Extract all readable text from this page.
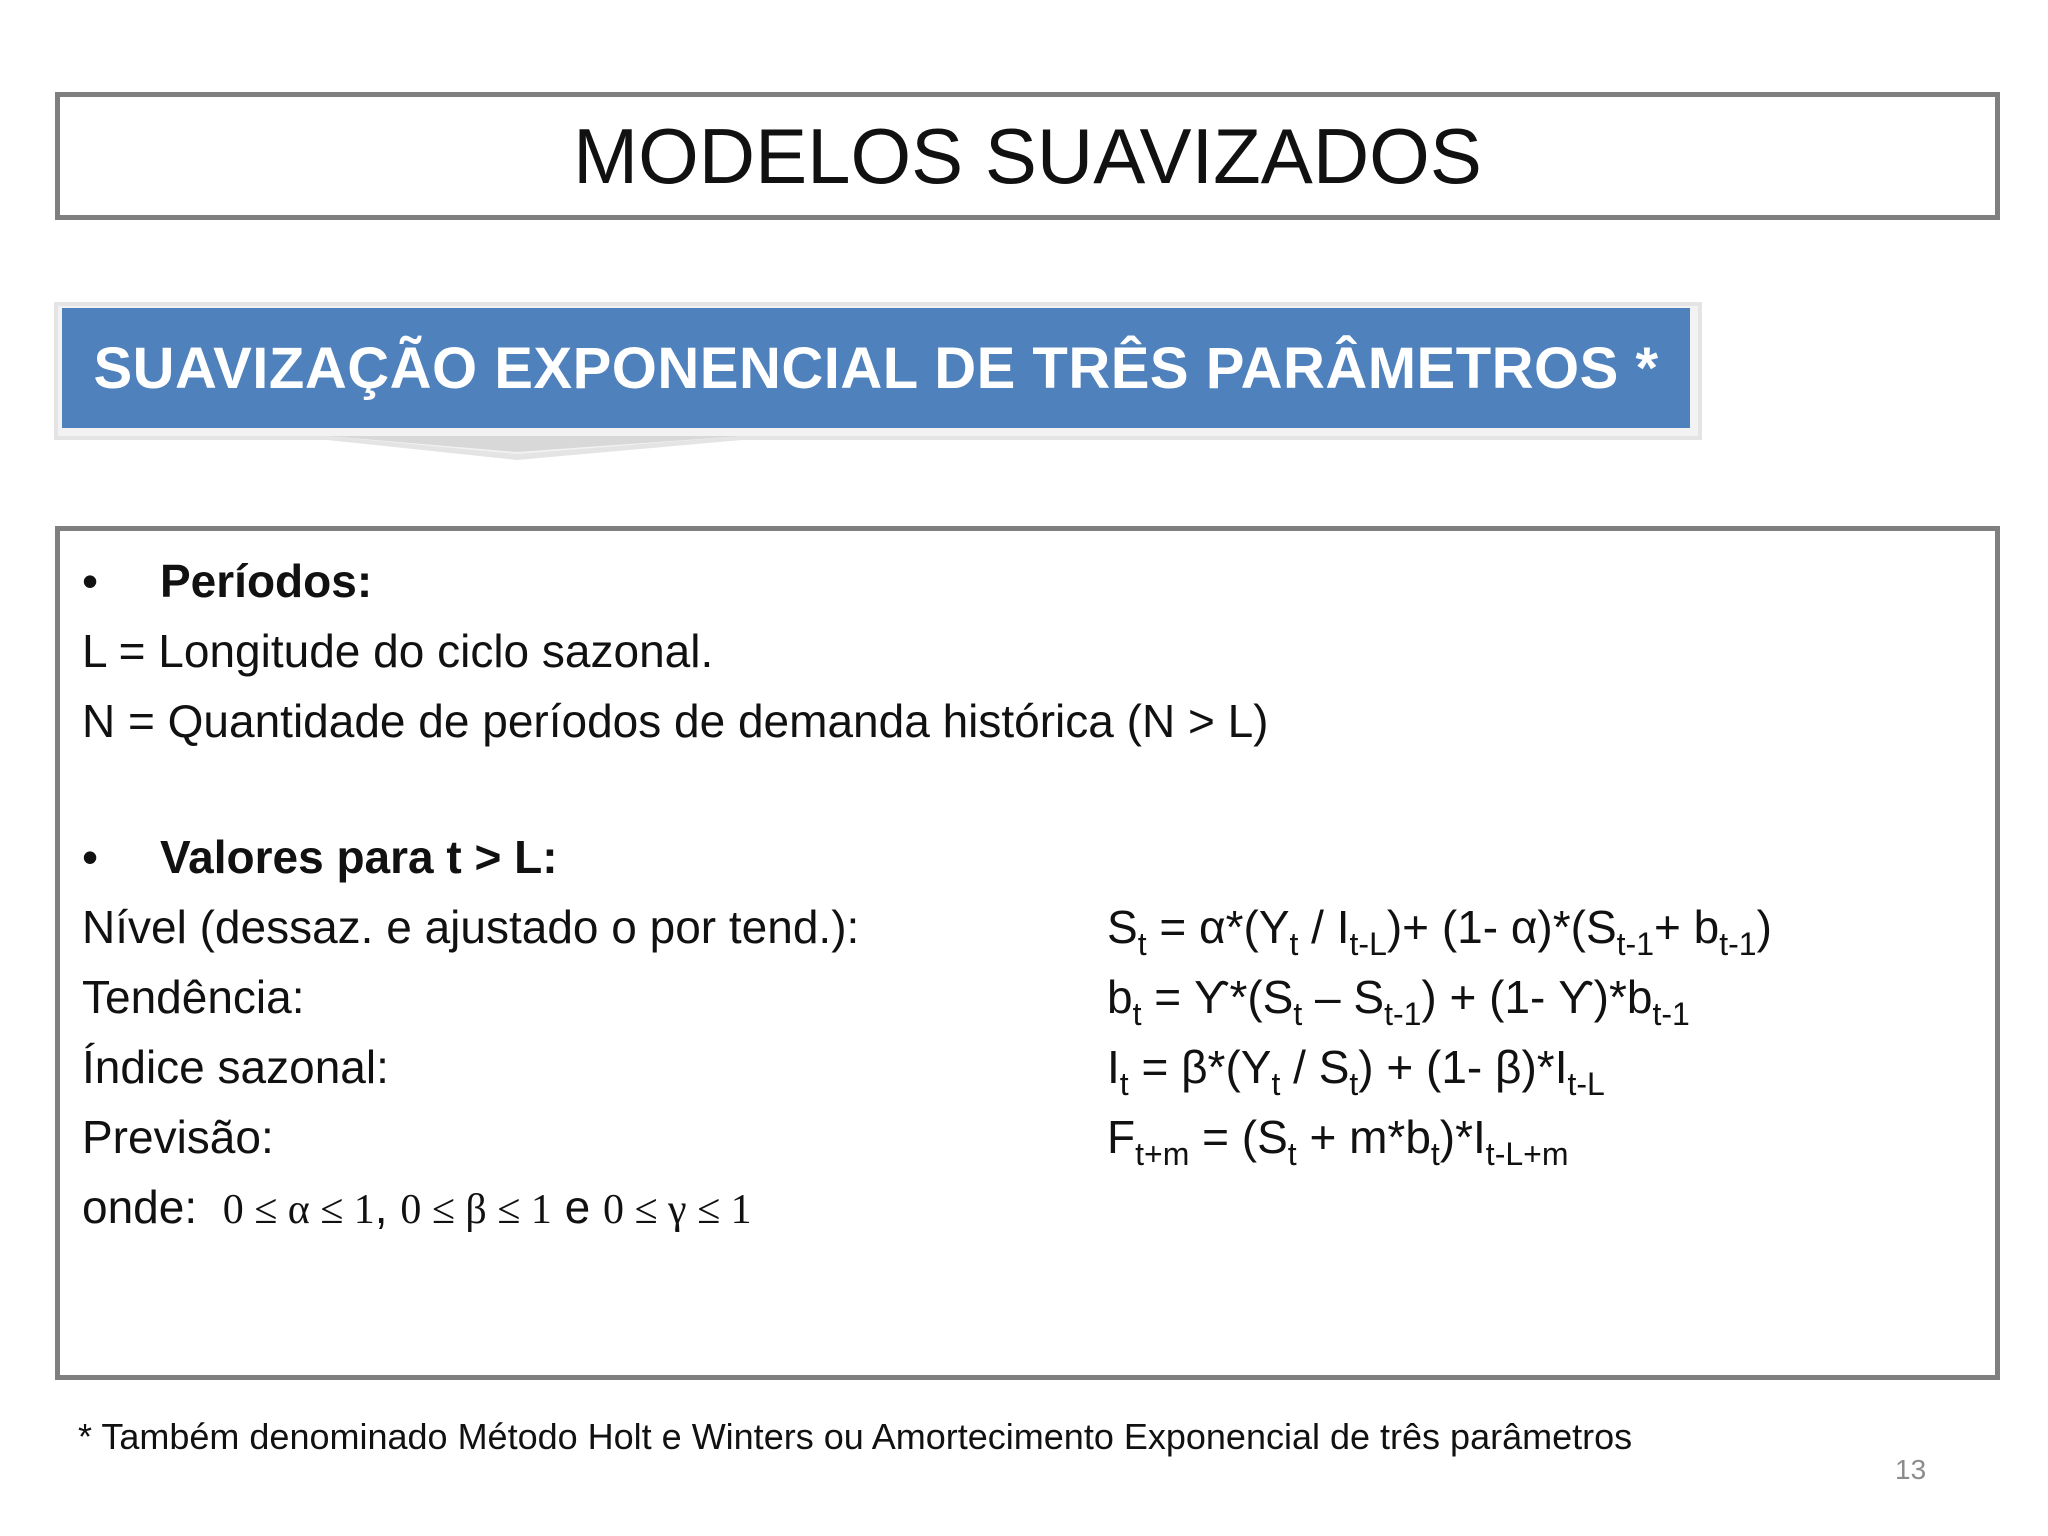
MODELOS SUAVIZADOS
SUAVIZAÇÃO EXPONENCIAL DE TRÊS PARÂMETROS *
• Períodos:
L = Longitude do ciclo sazonal.
N = Quantidade de períodos de demanda histórica (N > L)
• Valores para t > L:
Nível (dessaz. e ajustado o por tend.):	$S_t = \alpha*(Y_t / I_{t-L})+ (1-$ $\alpha)*(S_{t-1}+ b_{t-1})$
Tendência:	$b_t = ϒ*(S_t - S_{t-1}) + (1-$ $ϒ)*b_{t-1}$
Índice sazonal:	$I_t = \beta*(Y_t / S_t) + (1-$ $\beta)*I_{t-L}$
Previsão:	$F_{t+m} = (S_t + m*b_t)*I_{t-L+m}$
onde: 0 ≤ α ≤ 1, 0 ≤ β ≤ 1 e 0 ≤ γ ≤ 1
* Também denominado Método Holt e Winters ou Amortecimento Exponencial de três parâmetros
13
